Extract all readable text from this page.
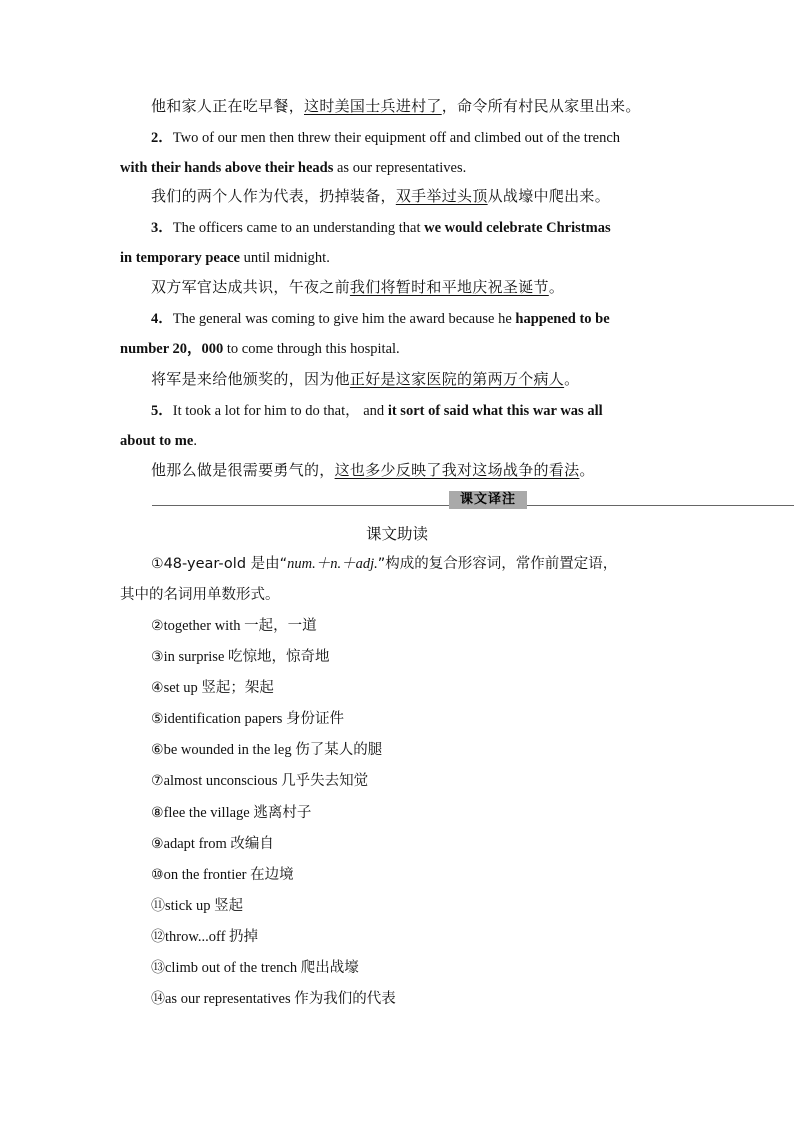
他和家人正在吃早餐，这时美国士兵进村了，命令所有村民从家里出来。
2．Two of our men then threw their equipment off and climbed out of the trench
with their hands above their heads as our representatives.
我们的两个人作为代表，扔掉装备，双手举过头顶从战壕中爬出来。
3．The officers came to an understanding that we would celebrate Christmas
in temporary peace until midnight.
双方军官达成共识，午夜之前我们将暂时和平地庆祝圣诞节。
4．The general was coming to give him the award because he happened to be
number 20，000 to come through this hospital.
将军是来给他颁奖的，因为他正好是这家医院的第两万个病人。
5．It took a lot for him to do that， and it sort of said what this war was all
about to me.
他那么做是很需要勇气的，这也多少反映了我对这场战争的看法。
课文译注
课文助读
①48-year-old 是由“num.＋n.＋adj.”构成的复合形容词，常作前置定语，
其中的名词用单数形式。
②together with 一起，一道
③in surprise 吃惊地，惊奇地
④set up 竖起；架起
⑤identification papers 身份证件
⑥be wounded in the leg 伤了某人的腿
⑦almost unconscious 几乎失去知觉
⑧flee the village 逃离村子
⑨adapt from 改编自
⑩on the frontier 在边境
⑪stick up 竖起
⑫throw...off 扔掉
⑬climb out of the trench 爬出战壕
⑭as our representatives 作为我们的代表
